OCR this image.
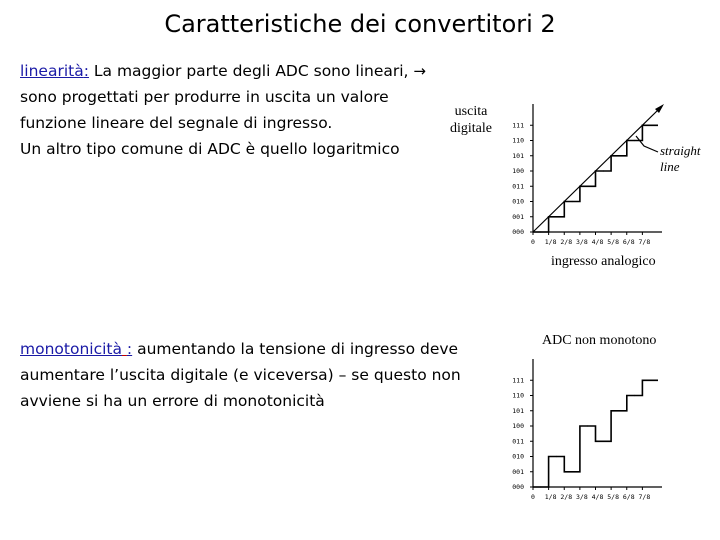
Caratteristiche dei convertitori 2
linearità: La maggior parte degli ADC sono lineari, →
sono progettati per produrre in uscita un valore
funzione lineare del segnale di ingresso.
Un altro tipo comune di ADC è quello logaritmico
uscita
digitale
straight
line
ingresso analogico
monotonicità : aumentando la tensione di ingresso deve
aumentare l’uscita digitale (e viceversa) – se questo non
avviene si ha un errore di monotonicità
ADC non monotono
111
110
101
100
011
010
001
000
0 1/8 2/8 3/8 4/8 5/8 6/8 7/8
111
110
101
100
011
010
001
000
0 1/8 2/8 3/8 4/8 5/8 6/8 7/8
